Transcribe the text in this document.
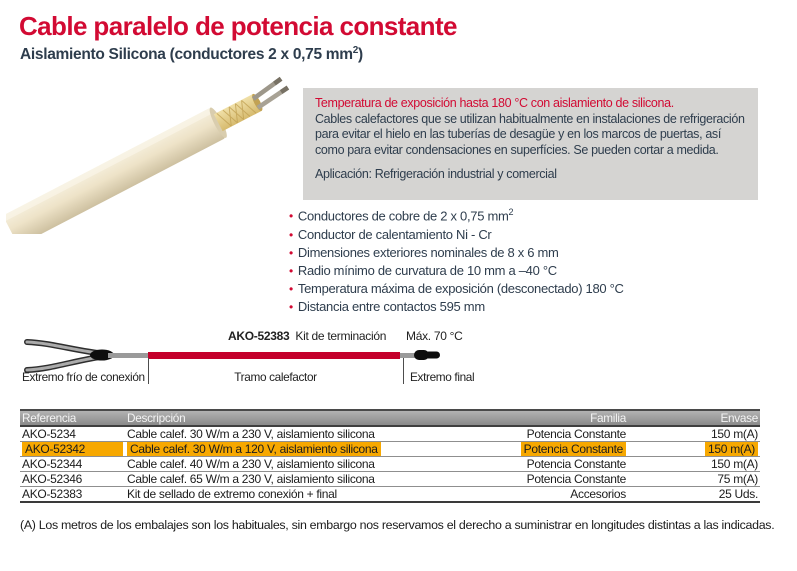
Cable paralelo de potencia constante
Aislamiento Silicona (conductores 2 x 0,75 $mm^2$)
Temperatura de exposición hasta 180 °C con aislamiento de silicona.
Cables calefactores que se utilizan habitualmente en instalaciones de refrigeración para evitar el hielo en las tuberías de desagüe y en los marcos de puertas, así como para evitar condensaciones en superfícies. Se pueden cortar a medida.
Aplicación: Refrigeración industrial y comercial
• Conductores de cobre de 2 x 0,75 $mm^2$
• Conductor de calentamiento Ni - Cr
• Dimensiones exteriores nominales de 8 x 6 mm
• Radio mínimo de curvatura de 10 mm a –40 °C
• Temperatura máxima de exposición (desconectado) 180 °C
• Distancia entre contactos 595 mm
AKO-52383 Kit de terminación Máx. 70 °C
Extremo frío de conexión	Tramo calefactor	Extremo final
Referencia	Descripción	Familia	Envase
AKO-5234	Cable calef. 30 W/m a 230 V, aislamiento silicona	Potencia Constante	150 m(A)

AKO-52342	Cable calef. 30 W/m a 120 V, aislamiento silicona	Potencia Constante	150 m(A)
AKO-52344	Cable calef. 40 W/m a 230 V, aislamiento silicona	Potencia Constante	150 m(A)
AKO-52346	Cable calef. 65 W/m a 230 V, aislamiento silicona	Potencia Constante	75 m(A)
AKO-52383	Kit de sellado de extremo conexión + final	Accesorios	25 Uds.
(A) Los metros de los embalajes son los habituales, sin embargo nos reservamos el derecho a suministrar en longitudes distintas a las indicadas.
